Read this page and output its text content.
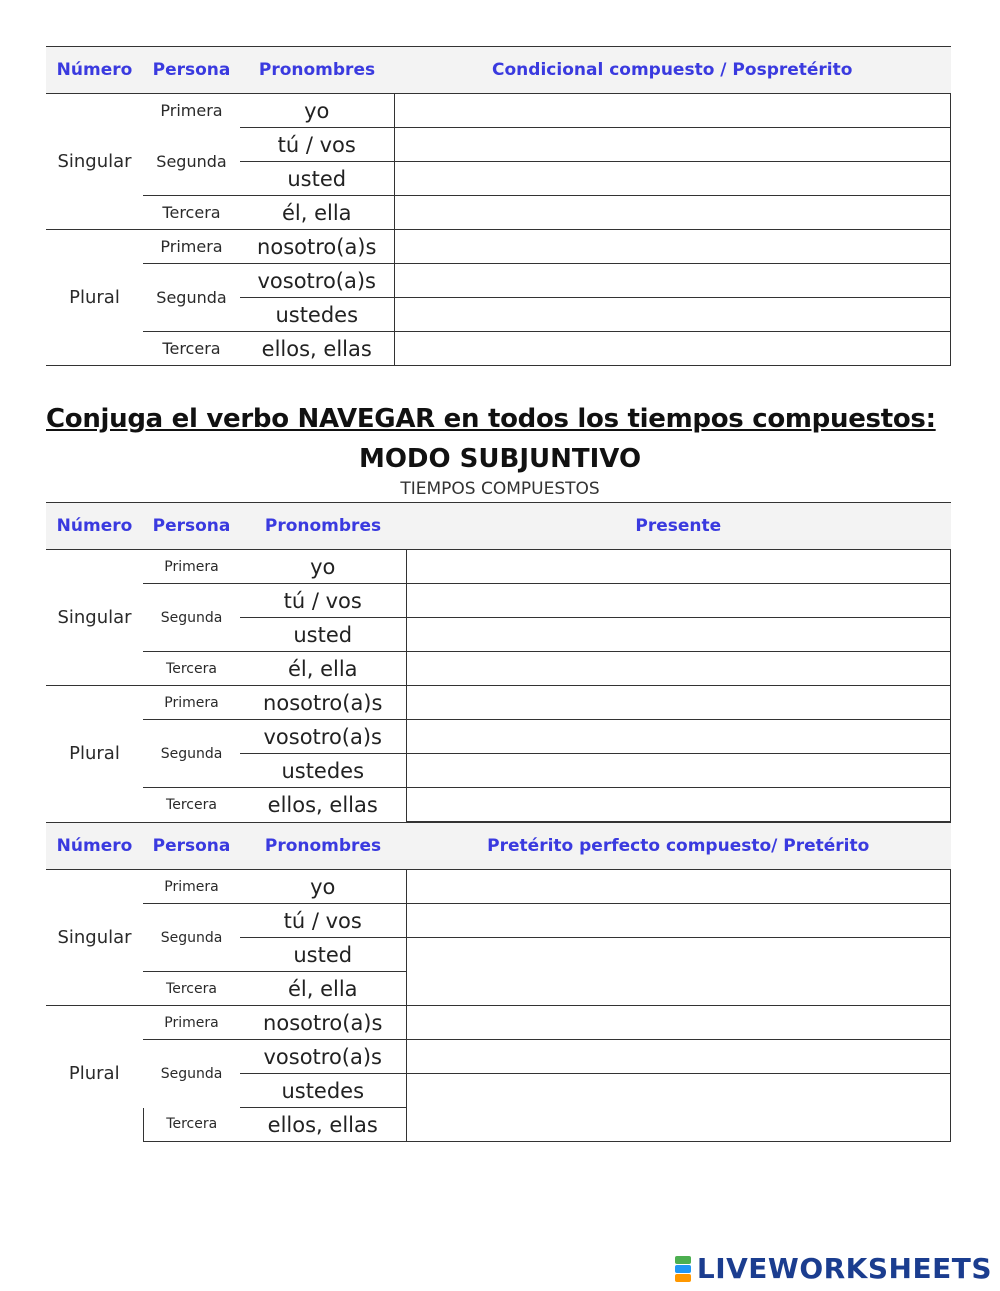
Número	Persona	Pronombres	Condicional compuesto / Pospretérito
Singular	Primera	yo	
	Segunda	tú / vos	
		usted	
	Tercera	él, ella	
Plural	Primera	nosotro(a)s	
	Segunda	vosotro(a)s	
		ustedes	
	Tercera	ellos, ellas	
Conjuga el verbo NAVEGAR en todos los tiempos compuestos:
MODO SUBJUNTIVO
TIEMPOS COMPUESTOS
Número	Persona	Pronombres	Presente
Singular	Primera	yo	
	Segunda	tú / vos	
		usted	
	Tercera	él, ella	
Plural	Primera	nosotro(a)s	
	Segunda	vosotro(a)s	
		ustedes	
	Tercera	ellos, ellas	
Número	Persona	Pronombres	Pretérito perfecto compuesto/ Pretérito
Singular	Primera	yo	
	Segunda	tú / vos	
		usted	
	Tercera	él, ella	
Plural	Primera	nosotro(a)s	
	Segunda	vosotro(a)s	
		ustedes	
	Tercera	ellos, ellas	
LIVEWORKSHEETS
